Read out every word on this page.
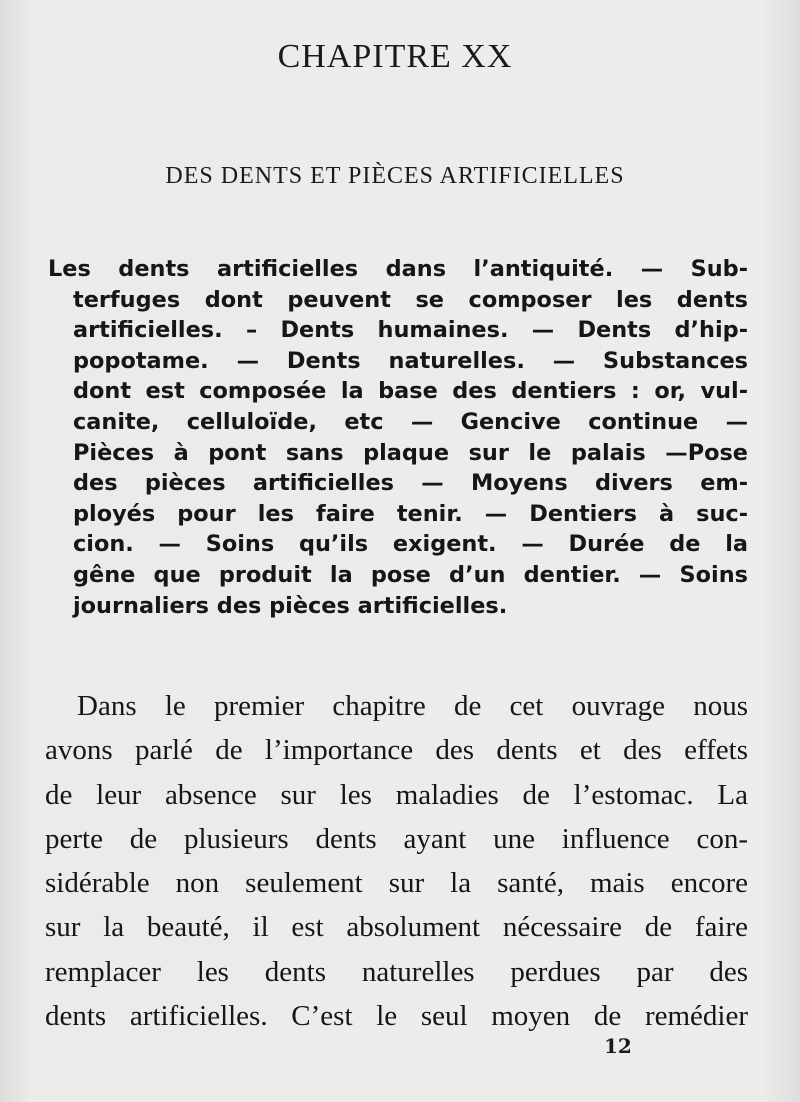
CHAPITRE XX
DES DENTS ET PIÈCES ARTIFICIELLES
Les dents artificielles dans l’antiquité. — Sub-
terfuges dont peuvent se composer les dents
artificielles. – Dents humaines. — Dents d’hip-
popotame. — Dents naturelles. — Substances
dont est composée la base des dentiers : or, vul-
canite, celluloïde, etc — Gencive continue —
Pièces à pont sans plaque sur le palais —Pose
des pièces artificielles — Moyens divers em-
ployés pour les faire tenir. — Dentiers à suc-
cion. — Soins qu’ils exigent. — Durée de la
gêne que produit la pose d’un dentier. — Soins
journaliers des pièces artificielles.
Dans le premier chapitre de cet ouvrage nous
avons parlé de l’importance des dents et des effets
de leur absence sur les maladies de l’estomac. La
perte de plusieurs dents ayant une influence con-
sidérable non seulement sur la santé, mais encore
sur la beauté, il est absolument nécessaire de faire
remplacer les dents naturelles perdues par des
dents artificielles. C’est le seul moyen de remédier
12
